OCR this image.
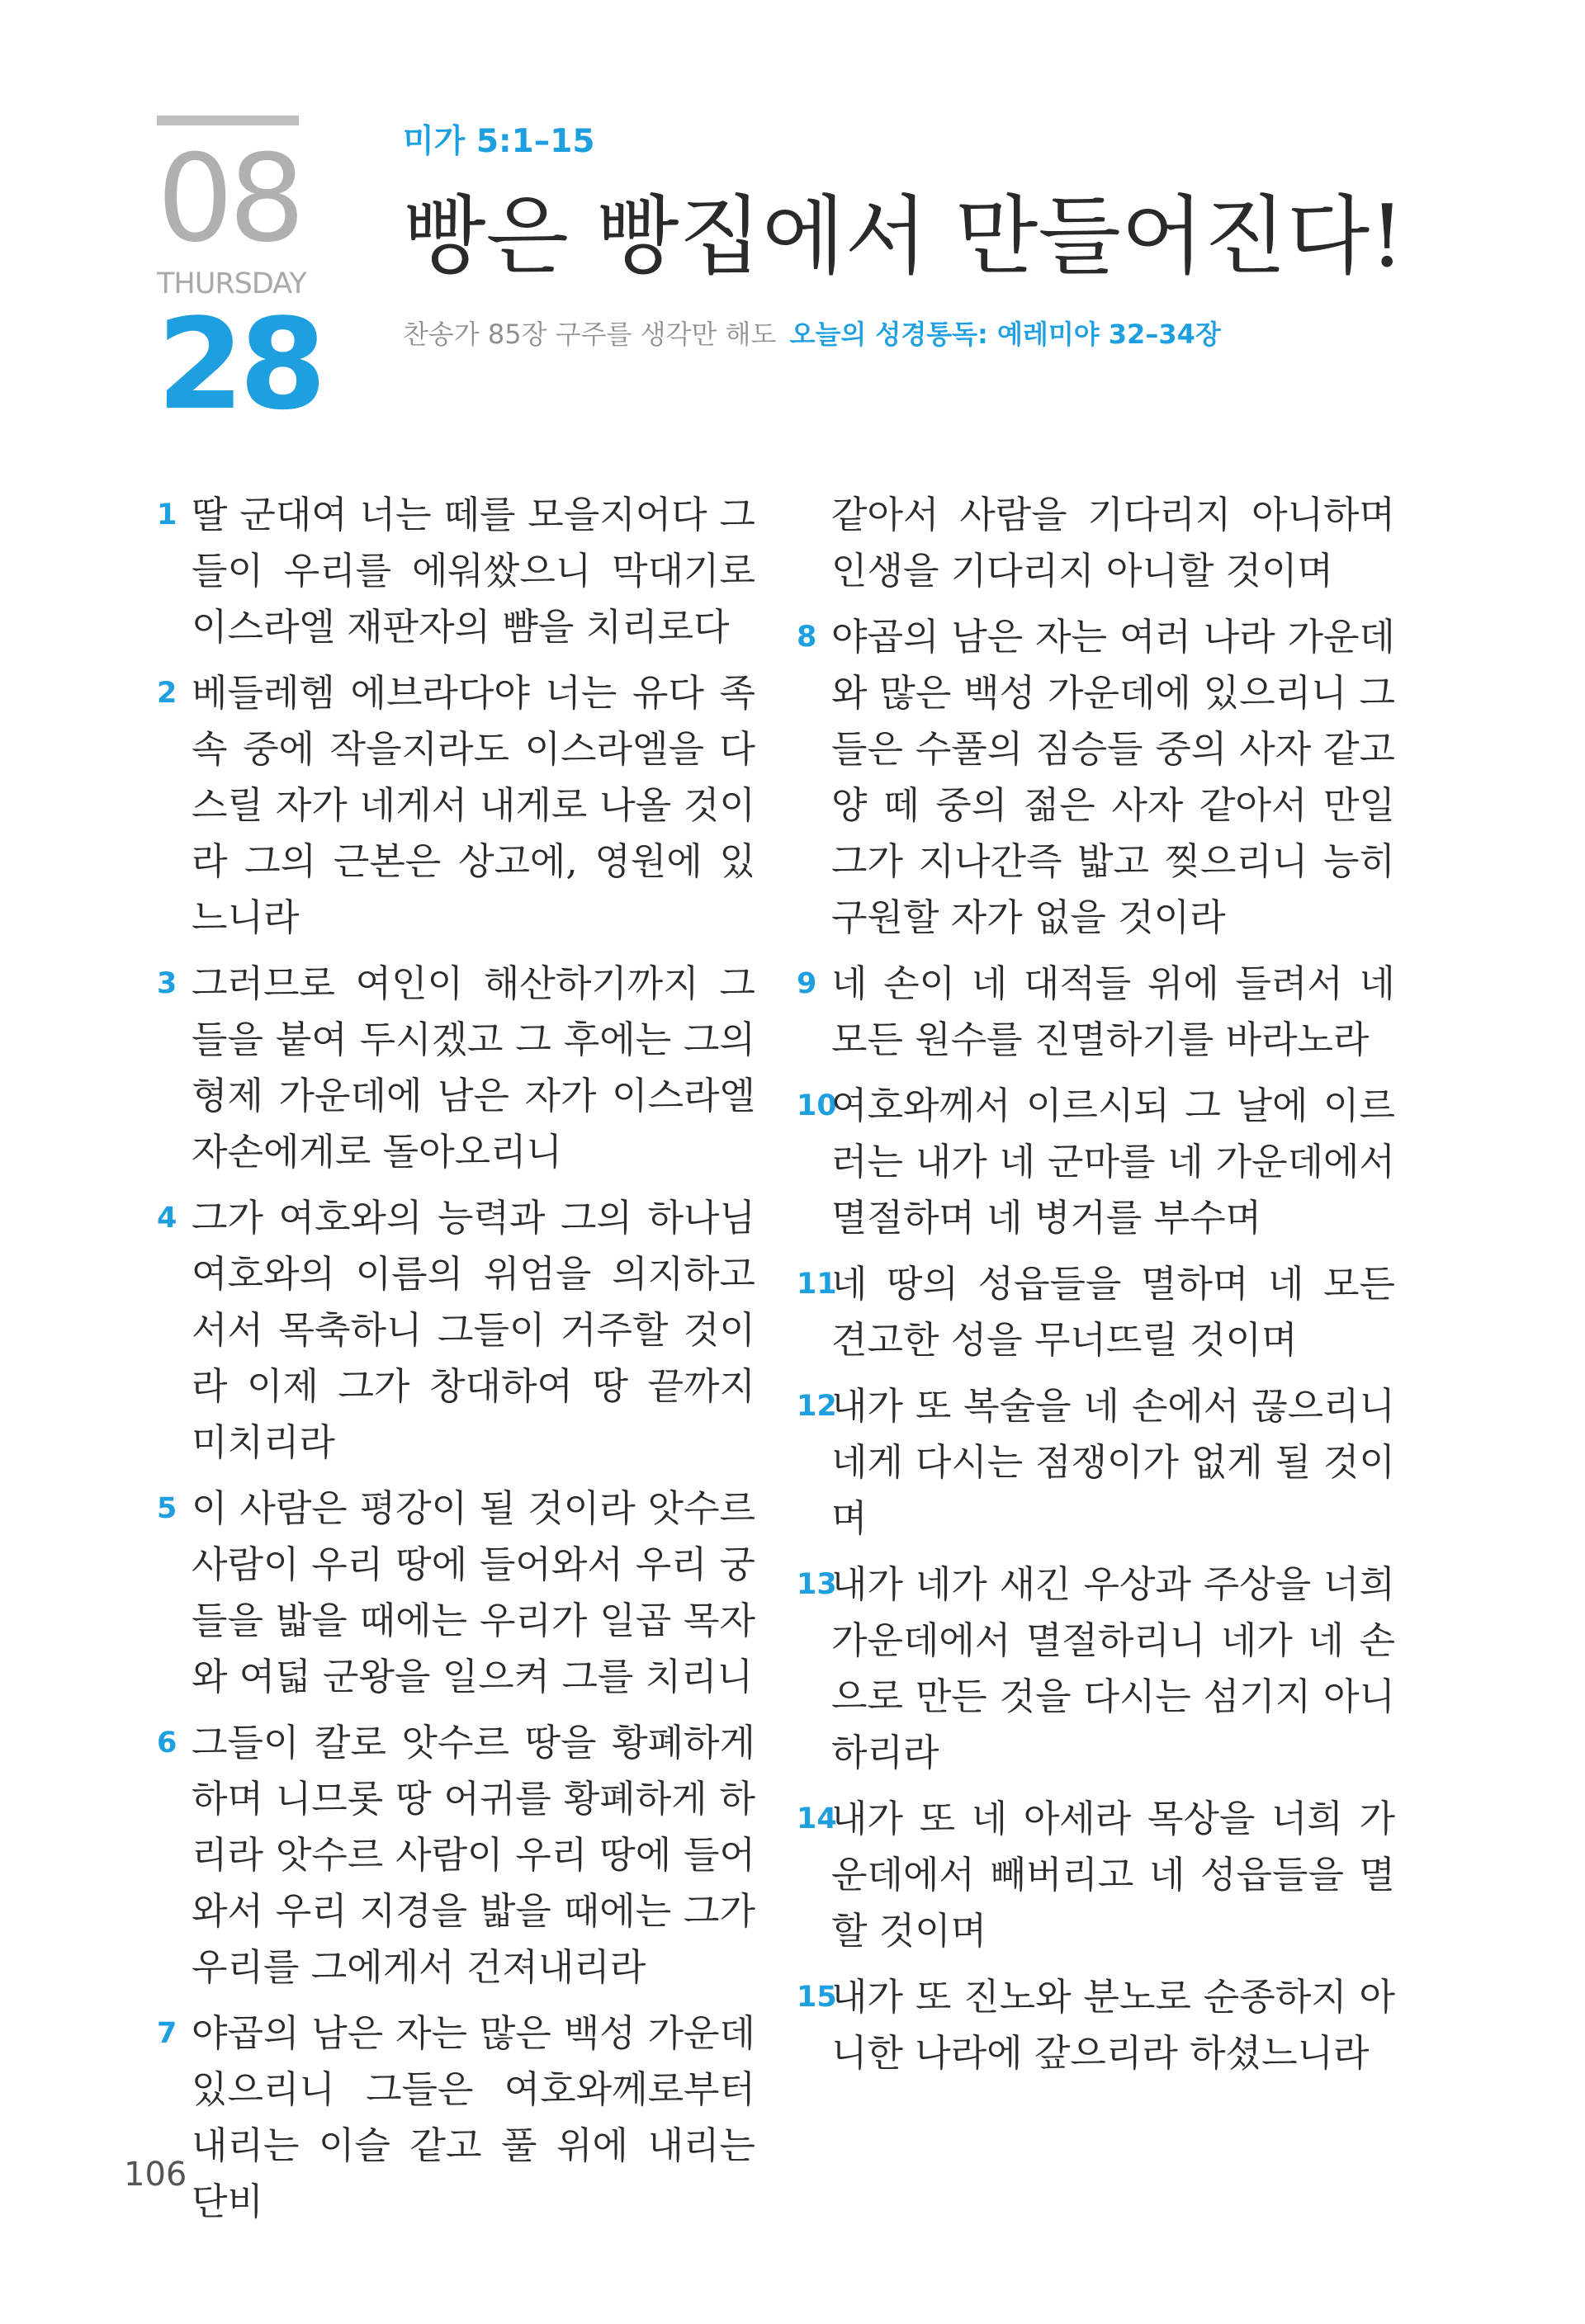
08
THURSDAY
28
미가 5:1–15
빵은 빵집에서 만들어진다!
찬송가 85장 구주를 생각만 해도 오늘의 성경통독: 예레미야 32–34장
1 딸 군대여 너는 떼를 모을지어다 그들이 우리를 에워쌌으니 막대기로 이스라엘 재판자의 뺨을 치리로다
2 베들레헴 에브라다야 너는 유다 족속 중에 작을지라도 이스라엘을 다스릴 자가 네게서 내게로 나올 것이라 그의 근본은 상고에, 영원에 있느니라
3 그러므로 여인이 해산하기까지 그들을 붙여 두시겠고 그 후에는 그의 형제 가운데에 남은 자가 이스라엘 자손에게로 돌아오리니
4 그가 여호와의 능력과 그의 하나님 여호와의 이름의 위엄을 의지하고 서서 목축하니 그들이 거주할 것이라 이제 그가 창대하여 땅 끝까지 미치리라
5 이 사람은 평강이 될 것이라 앗수르 사람이 우리 땅에 들어와서 우리 궁들을 밟을 때에는 우리가 일곱 목자와 여덟 군왕을 일으켜 그를 치리니
6 그들이 칼로 앗수르 땅을 황폐하게 하며 니므롯 땅 어귀를 황폐하게 하리라 앗수르 사람이 우리 땅에 들어와서 우리 지경을 밟을 때에는 그가 우리를 그에게서 건져내리라
7 야곱의 남은 자는 많은 백성 가운데 있으리니 그들은 여호와께로부터 내리는 이슬 같고 풀 위에 내리는 단비
같아서 사람을 기다리지 아니하며 인생을 기다리지 아니할 것이며
8 야곱의 남은 자는 여러 나라 가운데와 많은 백성 가운데에 있으리니 그들은 수풀의 짐승들 중의 사자 같고 양 떼 중의 젊은 사자 같아서 만일 그가 지나간즉 밟고 찢으리니 능히 구원할 자가 없을 것이라
9 네 손이 네 대적들 위에 들려서 네 모든 원수를 진멸하기를 바라노라
10
여호와께서 이르시되 그 날에 이르러는 내가 네 군마를 네 가운데에서 멸절하며 네 병거를 부수며
11
네 땅의 성읍들을 멸하며 네 모든 견고한 성을 무너뜨릴 것이며
12
내가 또 복술을 네 손에서 끊으리니 네게 다시는 점쟁이가 없게 될 것이며
13
내가 네가 새긴 우상과 주상을 너희 가운데에서 멸절하리니 네가 네 손으로 만든 것을 다시는 섬기지 아니하리라
14
내가 또 네 아세라 목상을 너희 가운데에서 빼버리고 네 성읍들을 멸할 것이며
15
내가 또 진노와 분노로 순종하지 아니한 나라에 갚으리라 하셨느니라
106
